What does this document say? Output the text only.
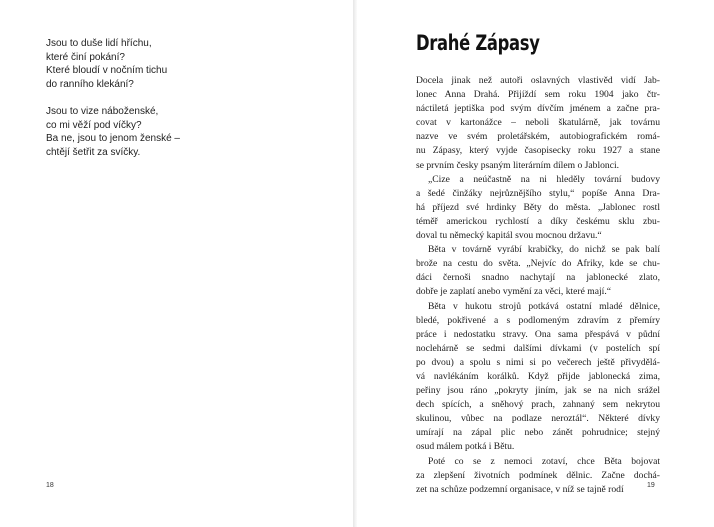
Jsou to duše lidí hříchu,
které činí pokání?
Které bloudí v nočním tichu
do ranního klekání?
Jsou to vize náboženské,
co mi věží pod víčky?
Ba ne, jsou to jenom ženské –
chtějí šetřit za svíčky.
18
Drahé Zápasy
Docela jinak než autoři oslavných vlastivěd vidí Jab-
lonec Anna Drahá. Přijíždí sem roku 1904 jako čtr-
náctiletá jeptiška pod svým dívčím jménem a začne pra-
covat v kartonážce – neboli škatulárně, jak továrnu
nazve ve svém proletářském, autobiografickém romá-
nu Zápasy, který vyjde časopisecky roku 1927 a stane
se prvním česky psaným literárním dílem o Jablonci.
„Cize a neúčastně na ni hleděly tovární budovy
a šedé činžáky nejrůznějšího stylu,“ popíše Anna Dra-
há příjezd své hrdinky Běty do města. „Jablonec rostl
téměř americkou rychlostí a díky českému sklu zbu-
doval tu německý kapitál svou mocnou državu.“
Běta v továrně vyrábí krabičky, do nichž se pak balí
brože na cestu do světa. „Nejvíc do Afriky, kde se chu-
dáci černoši snadno nachytají na jablonecké zlato,
dobře je zaplatí anebo vymění za věci, které mají.“
Běta v hukotu strojů potkává ostatní mladé dělnice,
bledé, pokřivené a s podlomeným zdravím z přemíry
práce i nedostatku stravy. Ona sama přespává v půdní
noclehárně se sedmi dalšími dívkami (v postelích spí
po dvou) a spolu s nimi si po večerech ještě přivydělá-
vá navlékáním korálků. Když přijde jablonecká zima,
peřiny jsou ráno „pokryty jiním, jak se na nich srážel
dech spících, a sněhový prach, zahnaný sem nekrytou
skulinou, vůbec na podlaze neroztál“. Některé dívky
umírají na zápal plic nebo zánět pohrudnice; stejný
osud málem potká i Bětu.
Poté co se z nemoci zotaví, chce Běta bojovat
za zlepšení životních podmínek dělnic. Začne dochá-
zet na schůze podzemní organisace, v níž se tajně rodí	19
